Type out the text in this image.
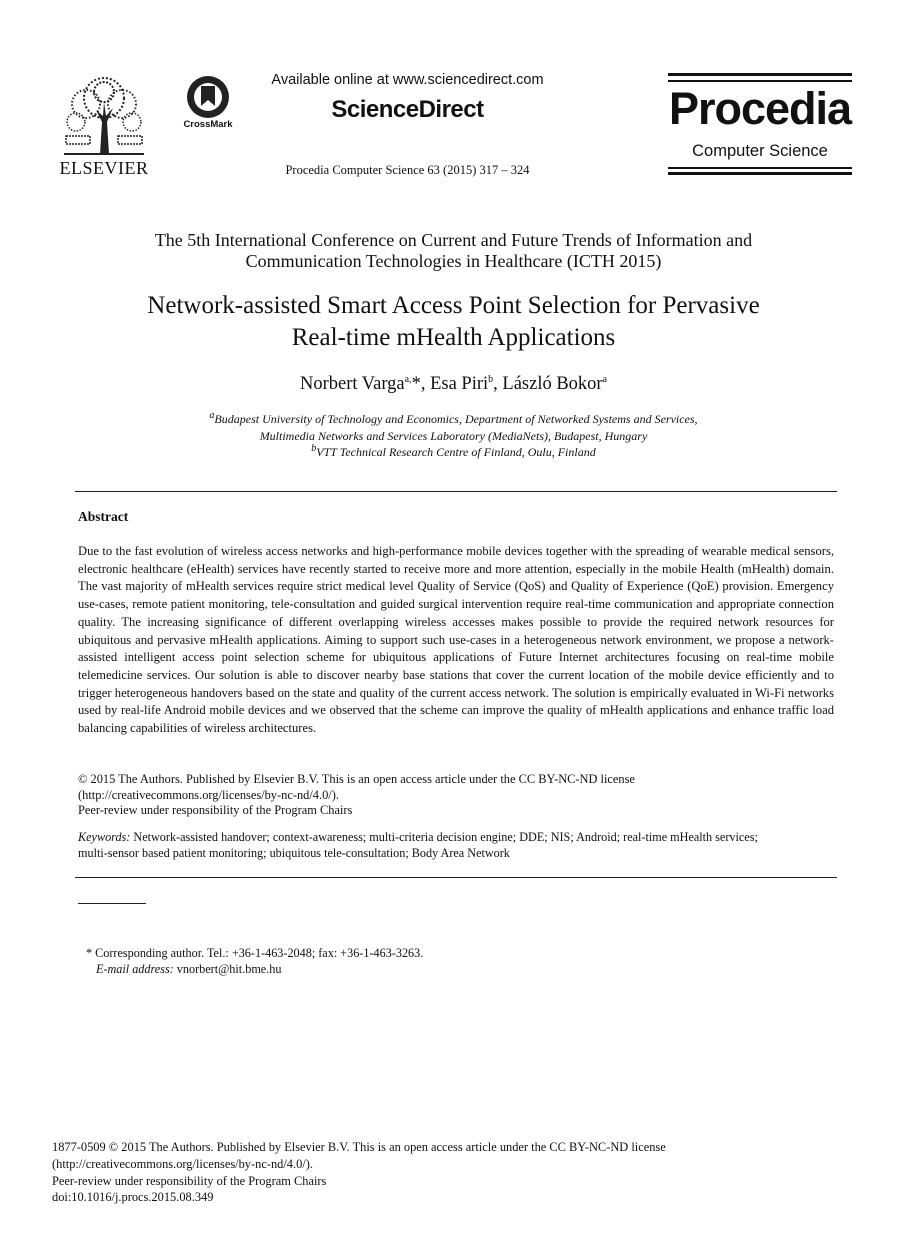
ELSEVIER
CrossMark
Available online at www.sciencedirect.com
ScienceDirect
Procedia Computer Science 63 (2015) 317 – 324
Procedia
Computer Science
The 5th International Conference on Current and Future Trends of Information and
Communication Technologies in Healthcare (ICTH 2015)
Network-assisted Smart Access Point Selection for Pervasive
Real-time mHealth Applications
Norbert Varga$^{a,}$*, Esa Piri$^b$, László Bokor$^a$
$^a$Budapest University of Technology and Economics, Department of Networked Systems and Services,
Multimedia Networks and Services Laboratory (MediaNets), Budapest, Hungary
$^b$VTT Technical Research Centre of Finland, Oulu, Finland
Abstract
Due to the fast evolution of wireless access networks and high-performance mobile devices together with the spreading of wearable medical sensors, electronic healthcare (eHealth) services have recently started to receive more and more attention, especially in the mobile Health (mHealth) domain. The vast majority of mHealth services require strict medical level Quality of Service (QoS) and Quality of Experience (QoE) provision. Emergency use-cases, remote patient monitoring, tele-consultation and guided surgical intervention require real-time communication and appropriate connection quality. The increasing significance of different overlapping wireless accesses makes possible to provide the required network resources for ubiquitous and pervasive mHealth applications. Aiming to support such use-cases in a heterogeneous network environment, we propose a network-assisted intelligent access point selection scheme for ubiquitous applications of Future Internet architectures focusing on real-time mobile telemedicine services. Our solution is able to discover nearby base stations that cover the current location of the mobile device efficiently and to trigger heterogeneous handovers based on the state and quality of the current access network. The solution is empirically evaluated in Wi-Fi networks used by real-life Android mobile devices and we observed that the scheme can improve the quality of mHealth applications and enhance traffic load balancing capabilities of wireless architectures.
© 2015 The Authors. Published by Elsevier B.V. This is an open access article under the CC BY-NC-ND license
(http://creativecommons.org/licenses/by-nc-nd/4.0/).
Peer-review under responsibility of the Program Chairs
Keywords: Network-assisted handover; context-awareness; multi-criteria decision engine; DDE; NIS; Android; real-time mHealth services;
multi-sensor based patient monitoring; ubiquitous tele-consultation; Body Area Network
* Corresponding author. Tel.: +36-1-463-2048; fax: +36-1-463-3263.
E-mail address: vnorbert@hit.bme.hu
1877-0509 © 2015 The Authors. Published by Elsevier B.V. This is an open access article under the CC BY-NC-ND license
(http://creativecommons.org/licenses/by-nc-nd/4.0/).
Peer-review under responsibility of the Program Chairs
doi:10.1016/j.procs.2015.08.349
